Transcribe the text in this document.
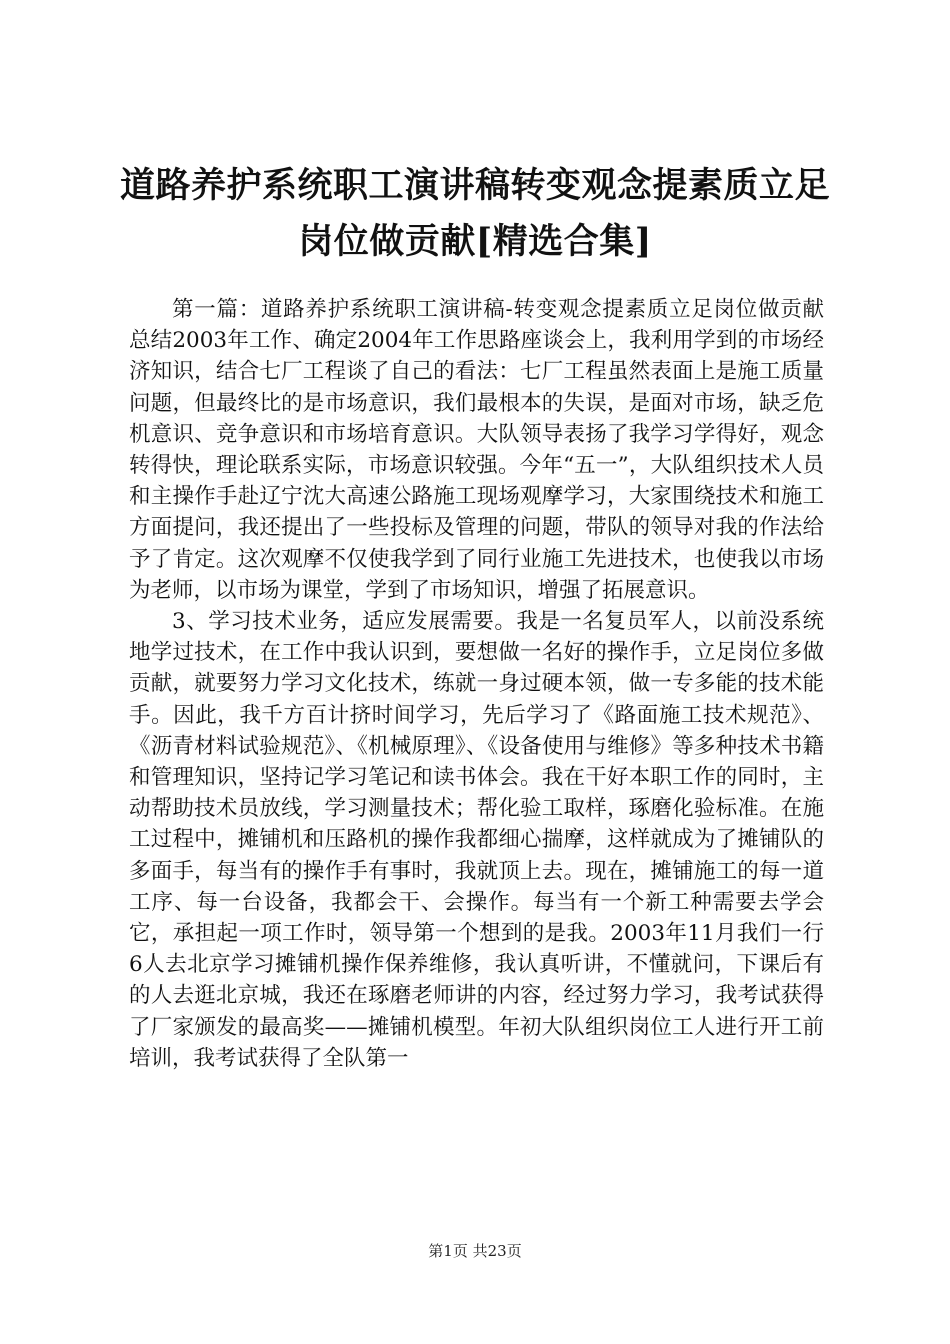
道路养护系统职工演讲稿转变观念提素质立足
岗位做贡献[精选合集]

第一篇：道路养护系统职工演讲稿-转变观念提素质立足岗位做贡献总结2003年工作、确定2004年工作思路座谈会上，我利用学到的市场经济知识，结合七厂工程谈了自己的看法：七厂工程虽然表面上是施工质量问题，但最终比的是市场意识，我们最根本的失误，是面对市场，缺乏危机意识、竞争意识和市场培育意识。大队领导表扬了我学习学得好，观念转得快，理论联系实际，市场意识较强。今年“五一”，大队组织技术人员和主操作手赴辽宁沈大高速公路施工现场观摩学习，大家围绕技术和施工方面提问，我还提出了一些投标及管理的问题，带队的领导对我的作法给予了肯定。这次观摩不仅使我学到了同行业施工先进技术，也使我以市场为老师，以市场为课堂，学到了市场知识，增强了拓展意识。

3、学习技术业务，适应发展需要。我是一名复员军人，以前没系统地学过技术，在工作中我认识到，要想做一名好的操作手，立足岗位多做贡献，就要努力学习文化技术，练就一身过硬本领，做一专多能的技术能手。因此，我千方百计挤时间学习，先后学习了《路面施工技术规范》、《沥青材料试验规范》、《机械原理》、《设备使用与维修》等多种技术书籍和管理知识，坚持记学习笔记和读书体会。我在干好本职工作的同时，主动帮助技术员放线，学习测量技术；帮化验工取样，琢磨化验标准。在施工过程中，摊铺机和压路机的操作我都细心揣摩，这样就成为了摊铺队的多面手，每当有的操作手有事时，我就顶上去。现在，摊铺施工的每一道工序、每一台设备，我都会干、会操作。每当有一个新工种需要去学会它，承担起一项工作时，领导第一个想到的是我。2003年11月我们一行6人去北京学习摊铺机操作保养维修，我认真听讲，不懂就问，下课后有的人去逛北京城，我还在琢磨老师讲的内容，经过努力学习，我考试获得了厂家颁发的最高奖——摊铺机模型。年初大队组织岗位工人进行开工前培训，我考试获得了全队第一

第1页 共23页
